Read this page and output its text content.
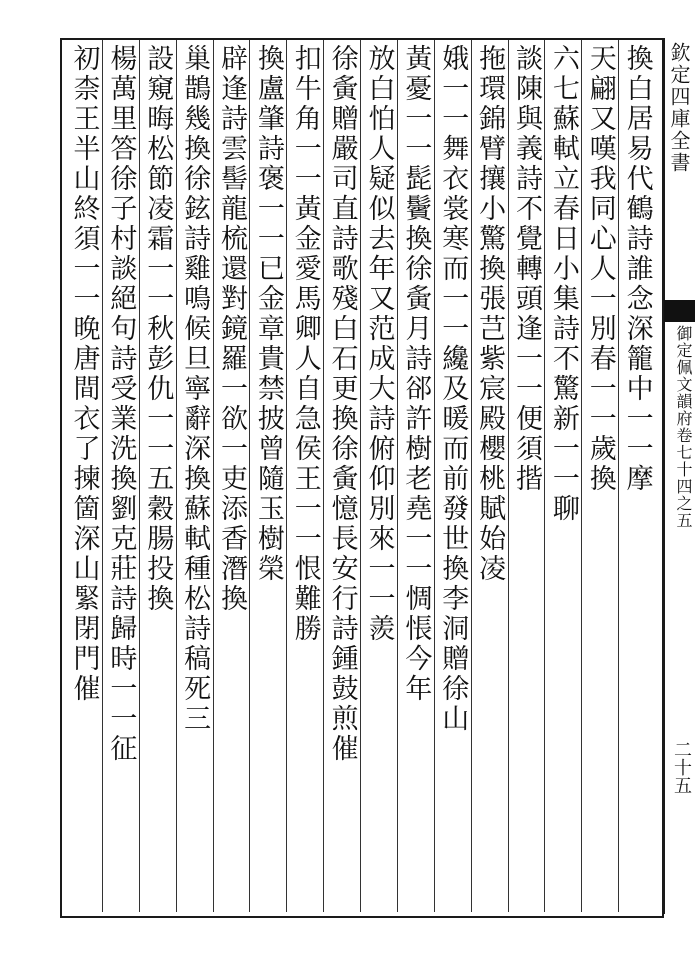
欽定四庫全書
御定佩文韻府卷七十四之五
二十五
換白居易代鶴詩誰念深籠中一一摩
天翩又嘆我同心人一別春一一歲換
六七蘇軾立春日小集詩不驚新一一聊
談陳與義詩不覺轉頭逢一一便須揩
拖環錦臂攘小驚換張芑紫宸殿櫻桃賦始凌
娥一一舞衣裳寒而一一纔及暖而前發世換李洞贈徐山
黃憂一一髭鬢換徐夤月詩郤許樹老堯一一惆悵今年
放白怕人疑似去年又范成大詩俯仰別來一一羨
徐夤贈嚴司直詩歌殘白石更換徐夤憶長安行詩鍾鼓煎催
扣牛角一一黃金愛馬卿人自急侯王一一恨難勝
換盧肇詩褒一一已金章貴禁披曾隨玉樹榮
辟逢詩雲髻龍梳還對鏡羅一欲一吏添香潛換
巢鵲幾換徐鉉詩雞鳴候旦寧辭深換蘇軾種松詩稿死三
設窺晦松節凌霜一一秋彭仇一一五穀腸投換
楊萬里答徐子村談絕句詩受業洗換劉克莊詩歸時一一征
初柰王半山終須一一晚唐間衣了揀箇深山緊閉門催
